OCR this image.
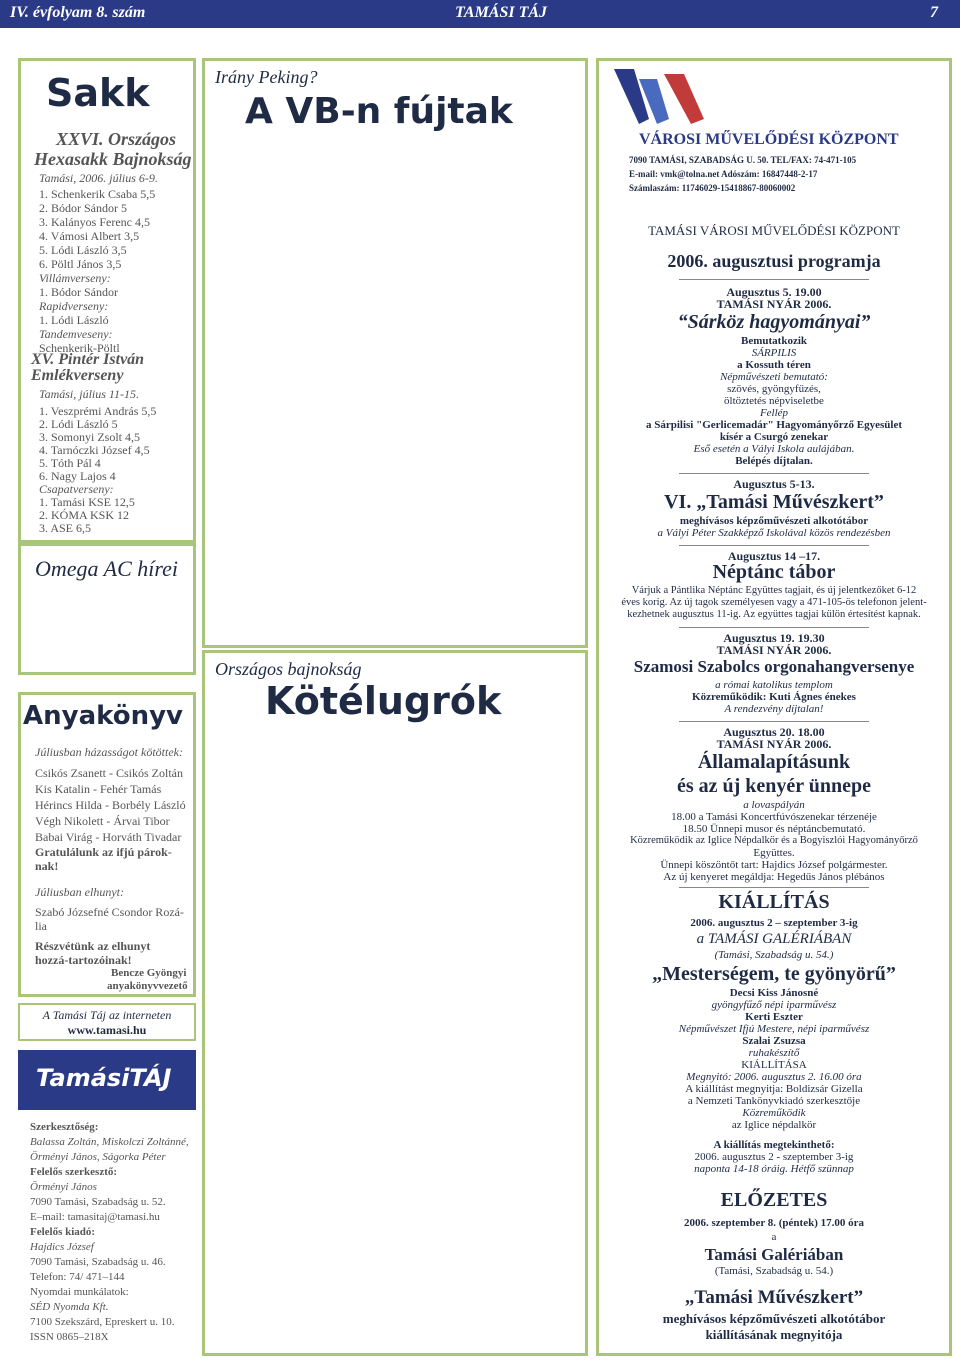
IV. évfolyam 8. szám	TAMÁSI TÁJ	7
Sakk
XXVI. Országos
Hexasakk Bajnokság
Tamási, 2006. július 6-9.
1. Schenkerik Csaba 5,5
2. Bódor Sándor 5
3. Kalányos Ferenc 4,5
4. Vámosi Albert 3,5
5. Lódi László 3,5
6. Pöltl János 3,5
Villámverseny:
1. Bódor Sándor
Rapidverseny:
1. Lódi László
Tandemveseny:
Schenkerik-Pöltl
XV. Pintér István
Emlékverseny
Tamási, július 11-15.
1. Veszprémi András 5,5
2. Lódi László 5
3. Somonyi Zsolt 4,5
4. Tarnóczki József 4,5
5. Tóth Pál 4
6. Nagy Lajos 4
Csapatverseny:
1. Tamási KSE 12,5
2. KÓMA KSK 12
3. ASE 6,5
Omega AC hírei
Anyakönyv
Júliusban házasságot kötöttek:
Csikós Zsanett - Csikós Zoltán
Kis Katalin - Fehér Tamás
Hérincs Hilda - Borbély László
Végh Nikolett - Árvai Tibor
Babai Virág - Horváth Tivadar
Gratulálunk az ifjú párok-nak!
Júliusban elhunyt:
Szabó Józsefné Csondor Rozá-lia
Részvétünk az elhunyt hozzá-tartozóinak!
Bencze Gyöngyi
anyakönyvvezető
A Tamási Táj az interneten
www.tamasi.hu
TamásiTÁJ
Szerkesztőség:
Balassa Zoltán, Miskolczi Zoltánné,
Örményi János, Ságorka Péter
Felelős szerkesztő:
Örményi János
7090 Tamási, Szabadság u. 52.
E–mail: tamasitaj@tamasi.hu
Felelős kiadó:
Hajdics József
7090 Tamási, Szabadság u. 46.
Telefon: 74/ 471–144
Nyomdai munkálatok:
SÉD Nyomda Kft.
7100 Szekszárd, Epreskert u. 10.
ISSN 0865–218X
Irány Peking?
A VB-n fújtak
Országos bajnokság
Kötélugrók
VÁROSI MŰVELŐDÉSI KÖZPONT
7090 TAMÁSI, SZABADSÁG U. 50. TEL/FAX: 74-471-105
E-mail: vmk@tolna.net Adószám: 16847448-2-17
Számlaszám: 11746029-15418867-80060002
TAMÁSI VÁROSI MŰVELŐDÉSI KÖZPONT
2006. augusztusi programja
Augusztus 5. 19.00
TAMÁSI NYÁR 2006.
“Sárköz hagyományai”
Bemutatkozik
SÁRPILIS
a Kossuth téren
Népművészeti bemutató:
szövés, gyöngyfűzés,
öltöztetés népviseletbe
Fellép
a Sárpilisi "Gerlicemadár" Hagyományőrző Egyesület
kísér a Csurgó zenekar
Eső esetén a Vályi Iskola aulájában.
Belépés díjtalan.
Augusztus 5-13.
VI. „Tamási Művészkert”
meghívásos képzőművészeti alkotótábor
a Vályi Péter Szakképző Iskolával közös rendezésben
Augusztus 14 –17.
Néptánc tábor
Várjuk a Pántlika Néptánc Együttes tagjait, és új jelentkezőket 6-12
éves korig. Az új tagok személyesen vagy a 471-105-ös telefonon jelent-
kezhetnek augusztus 11-ig. Az együttes tagjai külön értesítést kapnak.
Augusztus 19. 19.30
TAMÁSI NYÁR 2006.
Szamosi Szabolcs orgonahangversenye
a római katolikus templom
Közreműködik: Kuti Ágnes énekes
A rendezvény díjtalan!
Augusztus 20. 18.00
TAMÁSI NYÁR 2006.
Államalapításunk
és az új kenyér ünnepe
a lovaspályán
18.00 a Tamási Koncertfúvószenekar térzenéje
18.50 Ünnepi musor és néptáncbemutató.
Közreműködik az Iglice Népdalkör és a Bogyiszlói Hagyományőrző
Együttes.
Ünnepi köszöntőt tart: Hajdics József polgármester.
Az új kenyeret megáldja: Hegedűs János plébános
KIÁLLÍTÁS
2006. augusztus 2 – szeptember 3-ig
a TAMÁSI GALÉRIÁBAN
(Tamási, Szabadság u. 54.)
„Mesterségem, te gyönyörű”
Decsi Kiss Jánosné
gyöngyfűző népi iparművész
Kerti Eszter
Népművészet Ifjú Mestere, népi iparművész
Szalai Zsuzsa
ruhakészítő
KIÁLLÍTÁSA
Megnyitó: 2006. augusztus 2. 16.00 óra
A kiállítást megnyitja: Boldizsár Gizella
a Nemzeti Tankönyvkiadó szerkesztője
Közreműködik
az Iglice népdalkör
A kiállítás megtekinthető:
2006. augusztus 2 - szeptember 3-ig
naponta 14-18 óráig. Hétfő szünnap
ELŐZETES
2006. szeptember 8. (péntek) 17.00 óra
a
Tamási Galériában
(Tamási, Szabadság u. 54.)
„Tamási Művészkert”
meghívásos képzőművészeti alkotótábor
kiállításának megnyitója
